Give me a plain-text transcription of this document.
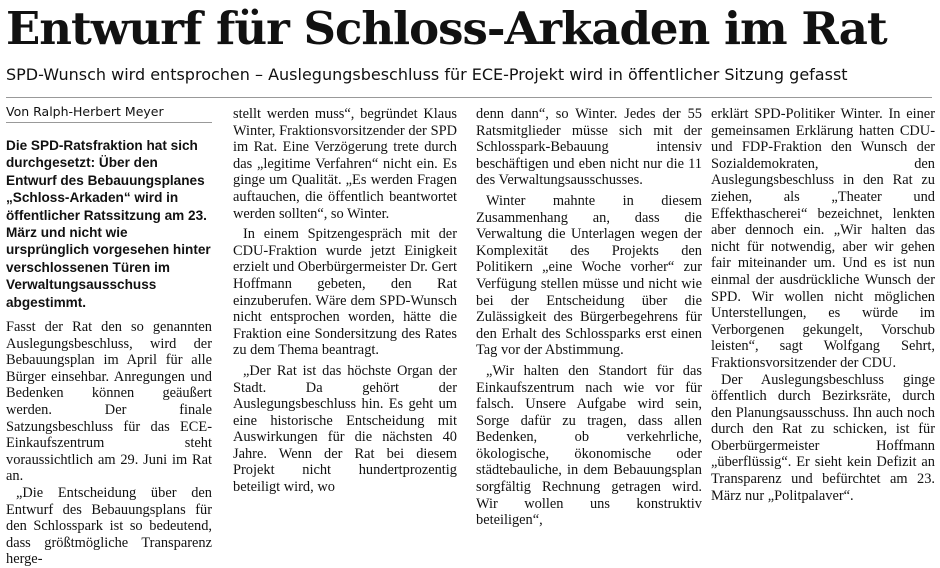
Entwurf für Schloss-Arkaden im Rat
SPD-Wunsch wird entsprochen – Auslegungsbeschluss für ECE-Projekt wird in öffentlicher Sitzung gefasst
Von Ralph-Herbert Meyer

Die SPD-Ratsfraktion hat sich durchgesetzt: Über den Entwurf des Bebauungsplanes „Schloss-Arkaden“ wird in öffentlicher Ratssitzung am 23. März und nicht wie ursprünglich vorgesehen hinter verschlossenen Türen im Verwaltungsausschuss abgestimmt.

Fasst der Rat den so genannten Auslegungsbeschluss, wird der Bebauungsplan im April für alle Bürger einsehbar. Anregungen und Bedenken können geäußert werden. Der finale Satzungsbeschluss für das ECE-Einkaufszentrum steht voraussichtlich am 29. Juni im Rat an.

„Die Entscheidung über den Entwurf des Bebauungsplans für den Schlosspark ist so bedeutend, dass größtmögliche Transparenz herge-

stellt werden muss“, begründet Klaus Winter, Fraktionsvorsitzender der SPD im Rat. Eine Verzögerung trete durch das „legitime Verfahren“ nicht ein. Es ginge um Qualität. „Es werden Fragen auftauchen, die öffentlich beantwortet werden sollten“, so Winter.

In einem Spitzengespräch mit der CDU-Fraktion wurde jetzt Einigkeit erzielt und Oberbürgermeister Dr. Gert Hoffmann gebeten, den Rat einzuberufen. Wäre dem SPD-Wunsch nicht entsprochen worden, hätte die Fraktion eine Sondersitzung des Rates zu dem Thema beantragt.

„Der Rat ist das höchste Organ der Stadt. Da gehört der Auslegungsbeschluss hin. Es geht um eine historische Entscheidung mit Auswirkungen für die nächsten 40 Jahre. Wenn der Rat bei diesem Projekt nicht hundertprozentig beteiligt wird, wo

denn dann“, so Winter. Jedes der 55 Ratsmitglieder müsse sich mit der Schlosspark-Bebauung intensiv beschäftigen und eben nicht nur die 11 des Verwaltungsausschusses.

Winter mahnte in diesem Zusammenhang an, dass die Verwaltung die Unterlagen wegen der Komplexität des Projekts den Politikern „eine Woche vorher“ zur Verfügung stellen müsse und nicht wie bei der Entscheidung über die Zulässigkeit des Bürgerbegehrens für den Erhalt des Schlossparks erst einen Tag vor der Abstimmung.

„Wir halten den Standort für das Einkaufszentrum nach wie vor für falsch. Unsere Aufgabe wird sein, Sorge dafür zu tragen, dass allen Bedenken, ob verkehrliche, ökologische, ökonomische oder städtebauliche, in dem Bebauungsplan sorgfältig Rechnung getragen wird. Wir wollen uns konstruktiv beteiligen“,

erklärt SPD-Politiker Winter. In einer gemeinsamen Erklärung hatten CDU- und FDP-Fraktion den Wunsch der Sozialdemokraten, den Auslegungsbeschluss in den Rat zu ziehen, als „Theater und Effekthascherei“ bezeichnet, lenkten aber dennoch ein. „Wir halten das nicht für notwendig, aber wir gehen fair miteinander um. Und es ist nun einmal der ausdrückliche Wunsch der SPD. Wir wollen nicht möglichen Unterstellungen, es würde im Verborgenen gekungelt, Vorschub leisten“, sagt Wolfgang Sehrt, Fraktionsvorsitzender der CDU.

Der Auslegungsbeschluss ginge öffentlich durch Bezirksräte, durch den Planungsausschuss. Ihn auch noch durch den Rat zu schicken, ist für Oberbürgermeister Hoffmann „überflüssig“. Er sieht kein Defizit an Transparenz und befürchtet am 23. März nur „Politpalaver“.
